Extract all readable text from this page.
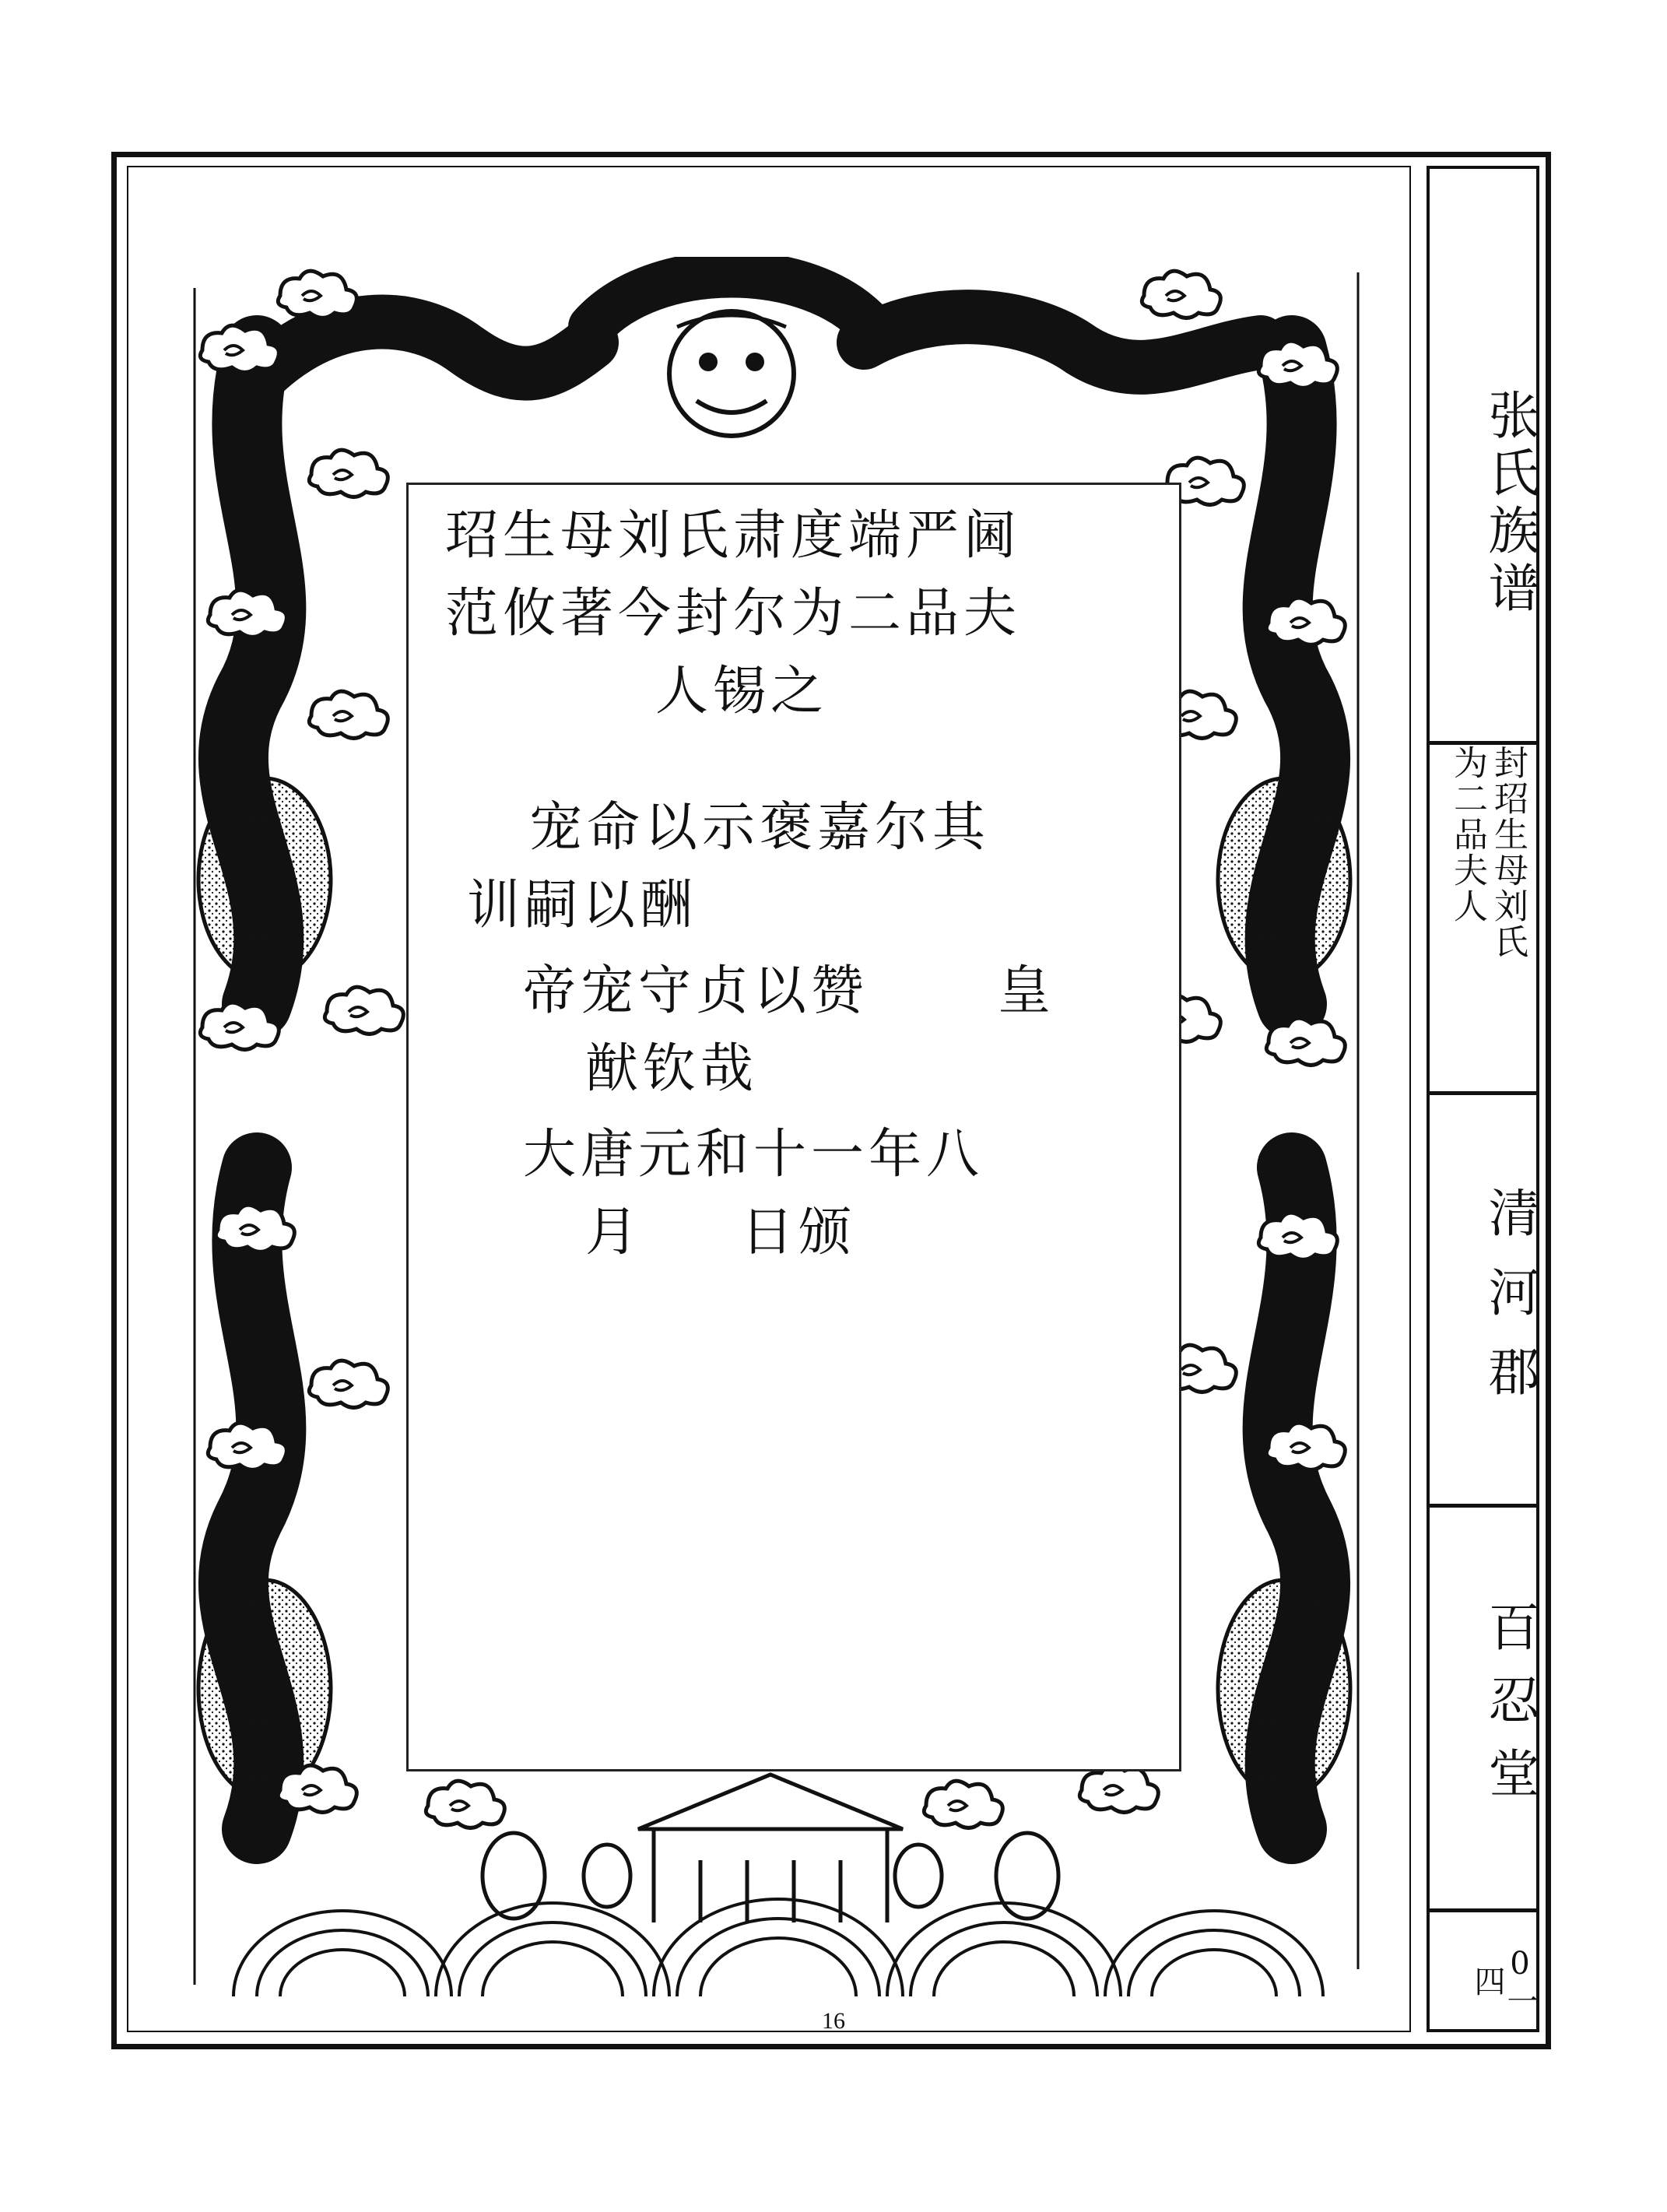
玿生母刘氏肃度端严阃
范攸著今封尔为二品夫
人锡之
宠命以示褒嘉尔其
训嗣以酬
帝宠守贞以赞 皇
猷钦哉
大唐元和十一年八
月 日颁
张氏族谱
封玿生母刘氏
为二品夫人
清河郡
百忍堂
0一四
16
